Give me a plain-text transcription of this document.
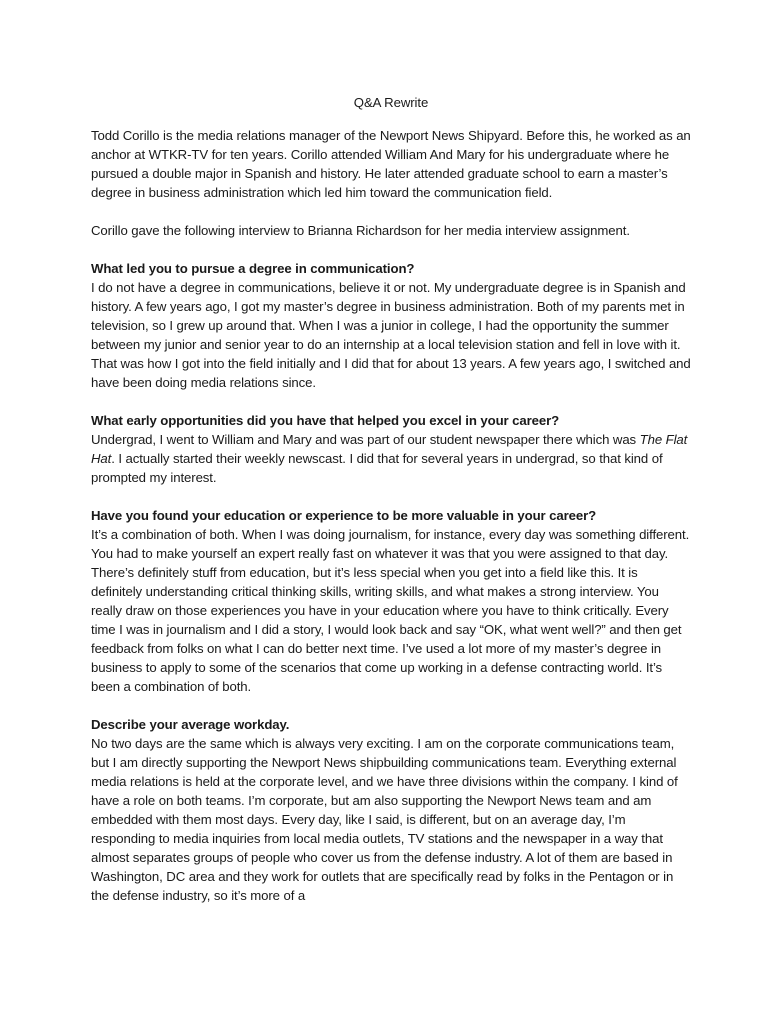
Q&A Rewrite

Todd Corillo is the media relations manager of the Newport News Shipyard. Before this, he worked as an anchor at WTKR-TV for ten years. Corillo attended William And Mary for his undergraduate where he pursued a double major in Spanish and history. He later attended graduate school to earn a master’s degree in business administration which led him toward the communication field.

Corillo gave the following interview to Brianna Richardson for her media interview assignment.

What led you to pursue a degree in communication?
I do not have a degree in communications, believe it or not. My undergraduate degree is in Spanish and history. A few years ago, I got my master’s degree in business administration. Both of my parents met in television, so I grew up around that. When I was a junior in college, I had the opportunity the summer between my junior and senior year to do an internship at a local television station and fell in love with it. That was how I got into the field initially and I did that for about 13 years. A few years ago, I switched and have been doing media relations since.
What early opportunities did you have that helped you excel in your career?
Undergrad, I went to William and Mary and was part of our student newspaper there which was The Flat Hat. I actually started their weekly newscast. I did that for several years in undergrad, so that kind of prompted my interest.
Have you found your education or experience to be more valuable in your career?
It’s a combination of both. When I was doing journalism, for instance, every day was something different. You had to make yourself an expert really fast on whatever it was that you were assigned to that day. There’s definitely stuff from education, but it’s less special when you get into a field like this. It is definitely understanding critical thinking skills, writing skills, and what makes a strong interview. You really draw on those experiences you have in your education where you have to think critically. Every time I was in journalism and I did a story, I would look back and say “OK, what went well?” and then get feedback from folks on what I can do better next time. I’ve used a lot more of my master’s degree in business to apply to some of the scenarios that come up working in a defense contracting world. It’s been a combination of both.
Describe your average workday.
No two days are the same which is always very exciting. I am on the corporate communications team, but I am directly supporting the Newport News shipbuilding communications team. Everything external media relations is held at the corporate level, and we have three divisions within the company. I kind of have a role on both teams. I’m corporate, but am also supporting the Newport News team and am embedded with them most days. Every day, like I said, is different, but on an average day, I’m responding to media inquiries from local media outlets, TV stations and the newspaper in a way that almost separates groups of people who cover us from the defense industry. A lot of them are based in Washington, DC area and they work for outlets that are specifically read by folks in the Pentagon or in the defense industry, so it’s more of a
